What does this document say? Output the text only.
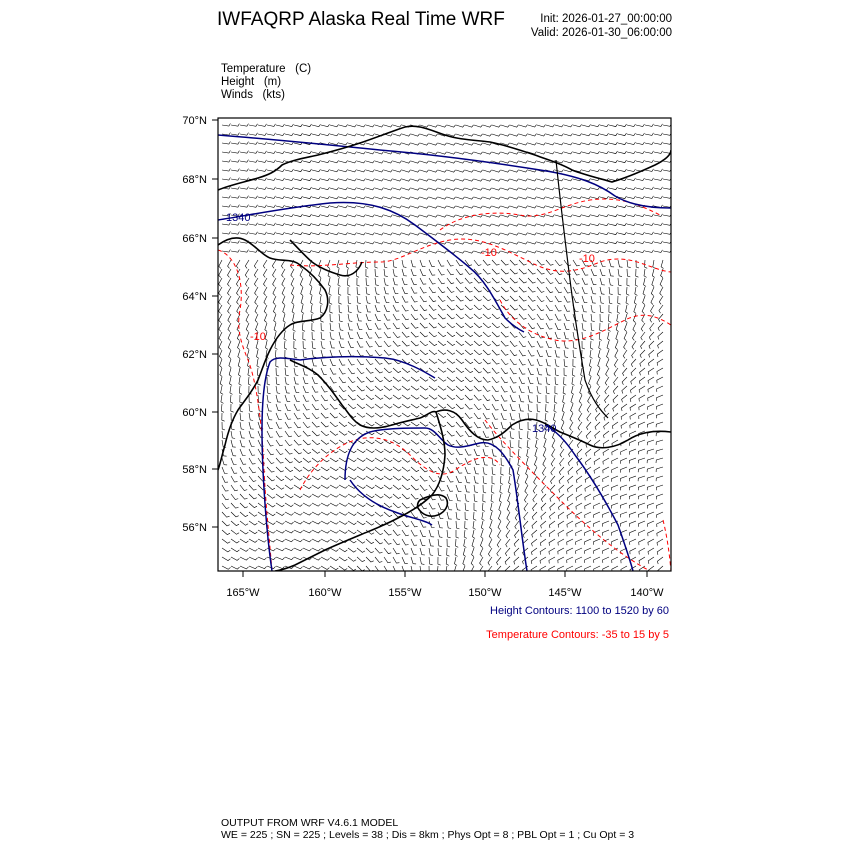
IWFAQRP Alaska Real Time WRF	Init: 2026-01-27_00:00:00
Valid: 2026-01-30_06:00:00
Temperature (C)
Height (m)
Winds (kts)
1340
1340
-10
-10	-10
70°N
68°N
66°N
64°N
62°N
60°N
58°N
56°N
165°W	160°W	155°W	150°W	145°W	140°W
Height Contours: 1100 to 1520 by 60
Temperature Contours: -35 to 15 by 5
OUTPUT FROM WRF V4.6.1 MODEL
WE = 225 ; SN = 225 ; Levels = 38 ; Dis = 8km ; Phys Opt = 8 ; PBL Opt = 1 ; Cu Opt = 3
